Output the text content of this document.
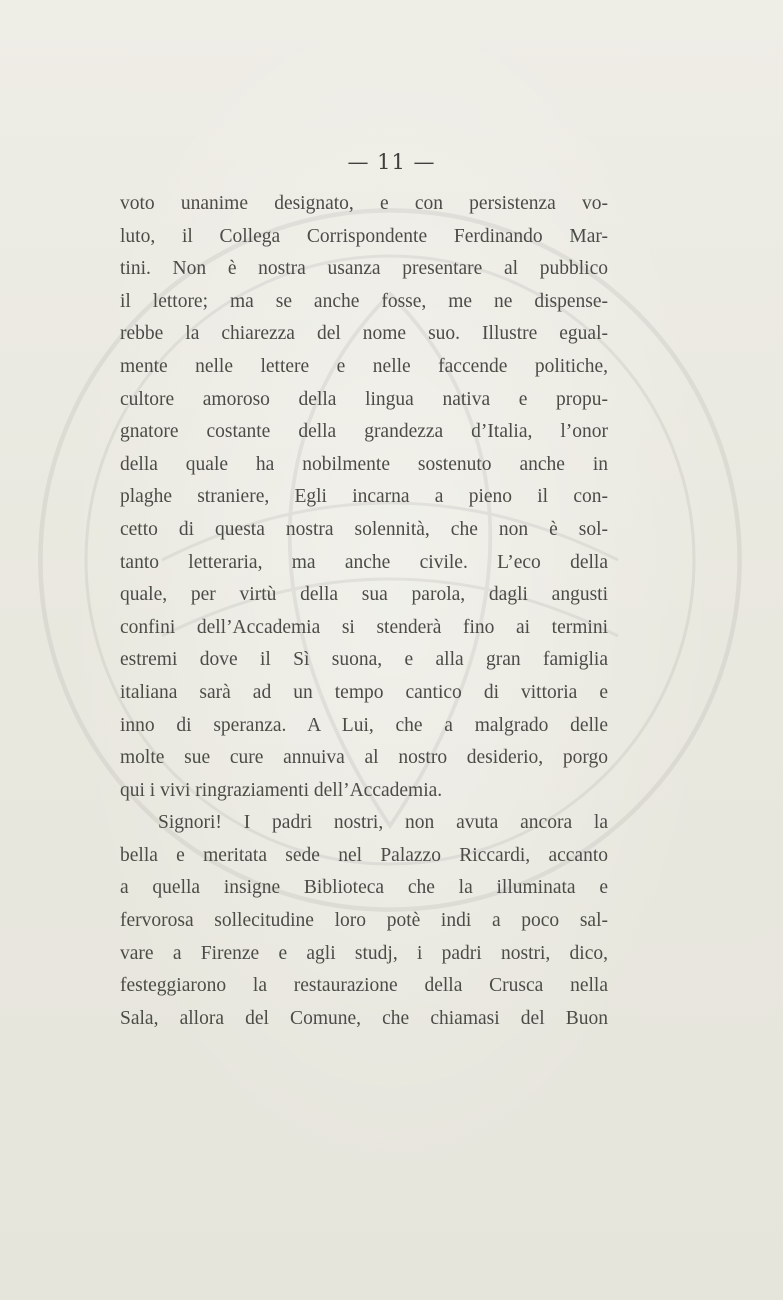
— 11 —
voto unanime designato, e con persistenza vo-
luto, il Collega Corrispondente Ferdinando Mar-
tini. Non è nostra usanza presentare al pubblico
il lettore; ma se anche fosse, me ne dispense-
rebbe la chiarezza del nome suo. Illustre egual-
mente nelle lettere e nelle faccende politiche,
cultore amoroso della lingua nativa e propu-
gnatore costante della grandezza d’Italia, l’onor
della quale ha nobilmente sostenuto anche in
plaghe straniere, Egli incarna a pieno il con-
cetto di questa nostra solennità, che non è sol-
tanto letteraria, ma anche civile. L’eco della
quale, per virtù della sua parola, dagli angusti
confini dell’Accademia si stenderà fino ai termini
estremi dove il Sì suona, e alla gran famiglia
italiana sarà ad un tempo cantico di vittoria e
inno di speranza. A Lui, che a malgrado delle
molte sue cure annuiva al nostro desiderio, porgo
qui i vivi ringraziamenti dell’Accademia.
Signori! I padri nostri, non avuta ancora la
bella e meritata sede nel Palazzo Riccardi, accanto
a quella insigne Biblioteca che la illuminata e
fervorosa sollecitudine loro potè indi a poco sal-
vare a Firenze e agli studj, i padri nostri, dico,
festeggiarono la restaurazione della Crusca nella
Sala, allora del Comune, che chiamasi del Buon
